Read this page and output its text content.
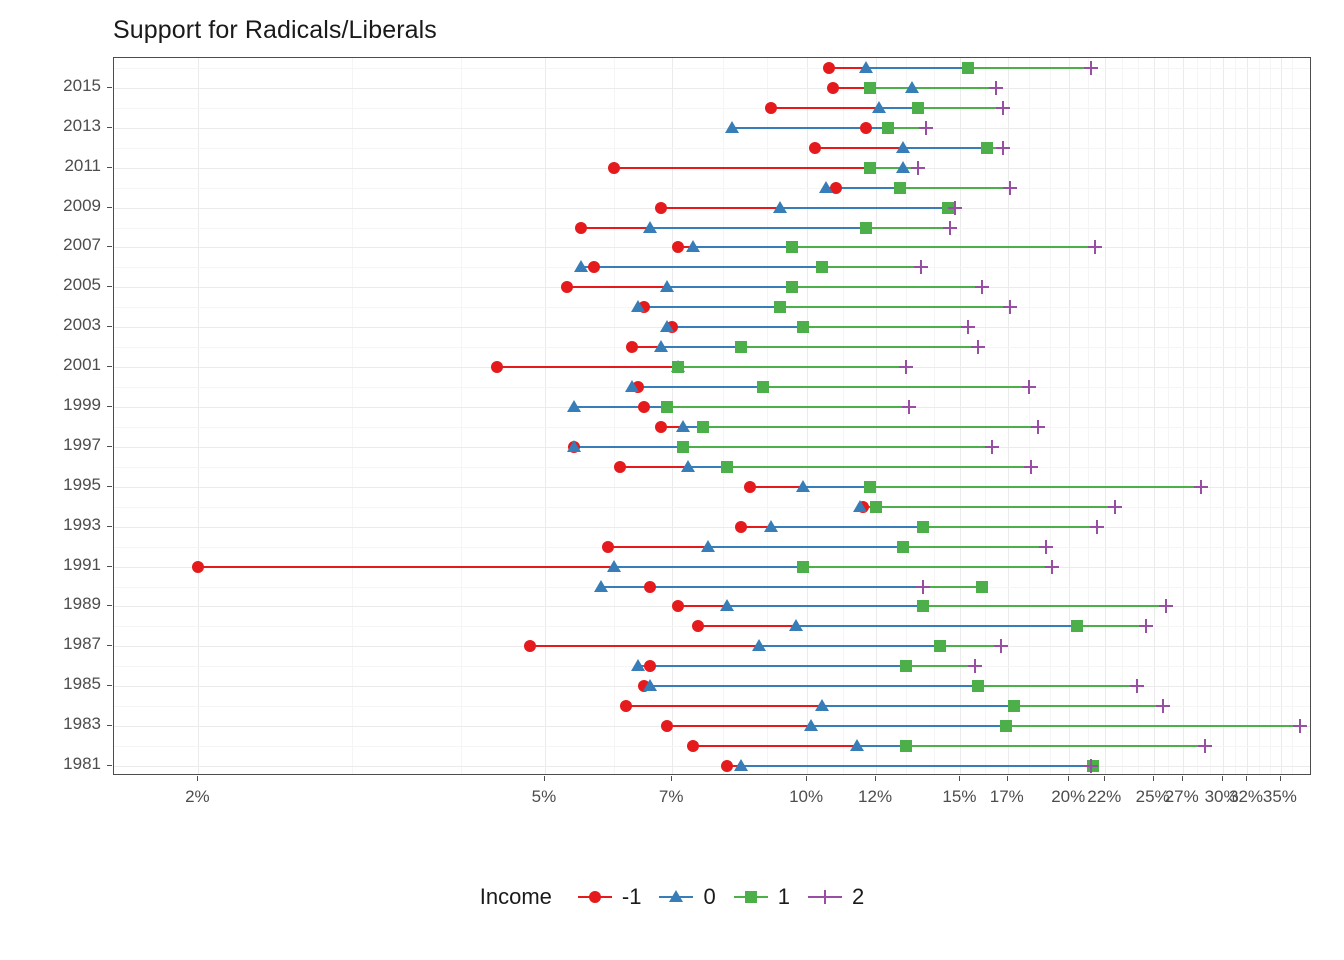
Support for Radicals/Liberals
1981
1983
1985
1987
1989
1991
1993
1995
1997
1999
2001
2003
2005
2007
2009
2011
2013
2015
2%	5%	7%	10%	12%	15% 17%	20% 22% 25%
27% 30%
32% 35%
Income	-1	0	1	2
